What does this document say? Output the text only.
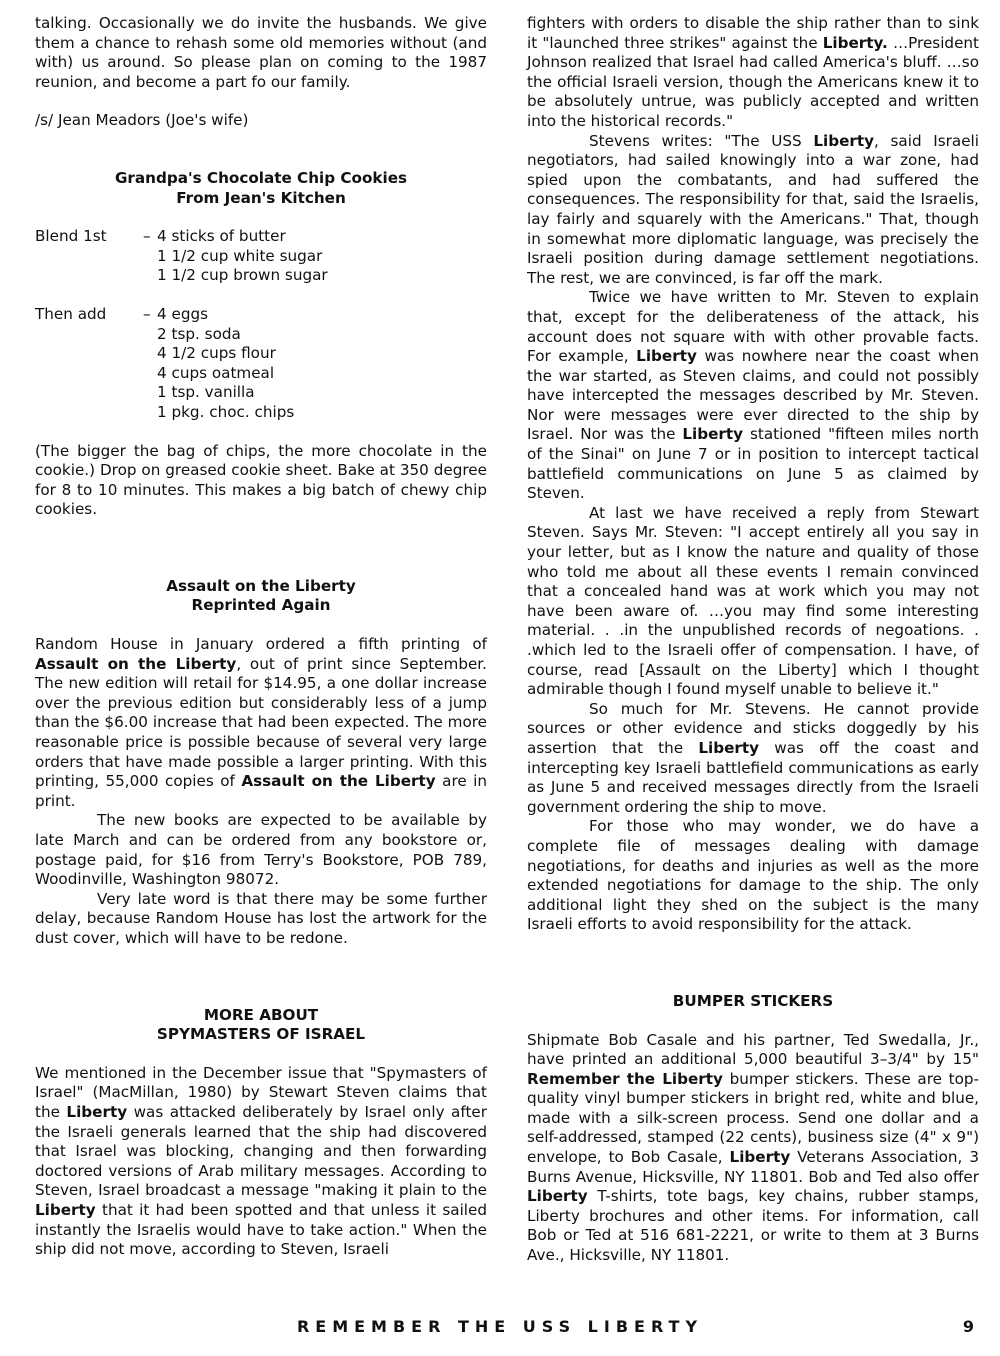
talking. Occasionally we do invite the husbands. We give them a chance to rehash some old memories without (and with) us around. So please plan on coming to the 1987 reunion, and become a part fo our family.

/s/ Jean Meadors (Joe's wife)

Grandpa's Chocolate Chip Cookies
From Jean's Kitchen
Blend 1st	– 4 sticks of butter
1 1/2 cup white sugar
1 1/2 cup brown sugar
Then add	– 4 eggs
2 tsp. soda
4 1/2 cups flour
4 cups oatmeal
1 tsp. vanilla
1 pkg. choc. chips

(The bigger the bag of chips, the more chocolate in the cookie.) Drop on greased cookie sheet. Bake at 350 degree for 8 to 10 minutes. This makes a big batch of chewy chip cookies.

Assault on the Liberty
Reprinted Again

Random House in January ordered a fifth printing of Assault on the Liberty, out of print since September. The new edition will retail for $14.95, a one dollar increase over the previous edition but considerably less of a jump than the $6.00 increase that had been expected. The more reasonable price is possible because of several very large orders that have made possible a larger printing. With this printing, 55,000 copies of Assault on the Liberty are in print.

The new books are expected to be available by late March and can be ordered from any bookstore or, postage paid, for $16 from Terry's Bookstore, POB 789, Woodinville, Washington 98072.

Very late word is that there may be some further delay, because Random House has lost the artwork for the dust cover, which will have to be redone.

MORE ABOUT
SPYMASTERS OF ISRAEL

We mentioned in the December issue that "Spymasters of Israel" (MacMillan, 1980) by Stewart Steven claims that the Liberty was attacked deliberately by Israel only after the Israeli generals learned that the ship had discovered that Israel was blocking, changing and then forwarding doctored versions of Arab military messages. According to Steven, Israel broadcast a message "making it plain to the Liberty that it had been spotted and that unless it sailed instantly the Israelis would have to take action." When the ship did not move, according to Steven, Israeli

fighters with orders to disable the ship rather than to sink it "launched three strikes" against the Liberty. …President Johnson realized that Israel had called America's bluff. …so the official Israeli version, though the Americans knew it to be absolutely untrue, was publicly accepted and written into the historical records."

Stevens writes: "The USS Liberty, said Israeli negotiators, had sailed knowingly into a war zone, had spied upon the combatants, and had suffered the consequences. The responsibility for that, said the Israelis, lay fairly and squarely with the Americans." That, though in somewhat more diplomatic language, was precisely the Israeli position during damage settlement negotiations. The rest, we are convinced, is far off the mark.

Twice we have written to Mr. Steven to explain that, except for the deliberateness of the attack, his account does not square with with other provable facts. For example, Liberty was nowhere near the coast when the war started, as Steven claims, and could not possibly have intercepted the messages described by Mr. Steven. Nor were messages were ever directed to the ship by Israel. Nor was the Liberty stationed "fifteen miles north of the Sinai" on June 7 or in position to intercept tactical battlefield communications on June 5 as claimed by Steven.

At last we have received a reply from Stewart Steven. Says Mr. Steven: "I accept entirely all you say in your letter, but as I know the nature and quality of those who told me about all these events I remain convinced that a concealed hand was at work which you may not have been aware of. …you may find some interesting material. . .in the unpublished records of negoations. . .which led to the Israeli offer of compensation. I have, of course, read [Assault on the Liberty] which I thought admirable though I found myself unable to believe it."

So much for Mr. Stevens. He cannot provide sources or other evidence and sticks doggedly by his assertion that the Liberty was off the coast and intercepting key Israeli battlefield communications as early as June 5 and received messages directly from the Israeli government ordering the ship to move.

For those who may wonder, we do have a complete file of messages dealing with damage negotiations, for deaths and injuries as well as the more extended negotiations for damage to the ship. The only additional light they shed on the subject is the many Israeli efforts to avoid responsibility for the attack.

BUMPER STICKERS

Shipmate Bob Casale and his partner, Ted Swedalla, Jr., have printed an additional 5,000 beautiful 3–3/4" by 15" Remember the Liberty bumper stickers. These are top-quality vinyl bumper stickers in bright red, white and blue, made with a silk-screen process. Send one dollar and a self-addressed, stamped (22 cents), business size (4" x 9") envelope, to Bob Casale, Liberty Veterans Association, 3 Burns Avenue, Hicksville, NY 11801. Bob and Ted also offer Liberty T-shirts, tote bags, key chains, rubber stamps, Liberty brochures and other items. For information, call Bob or Ted at 516 681-2221, or write to them at 3 Burns Ave., Hicksville, NY 11801.

REMEMBER THE USS LIBERTY	9
